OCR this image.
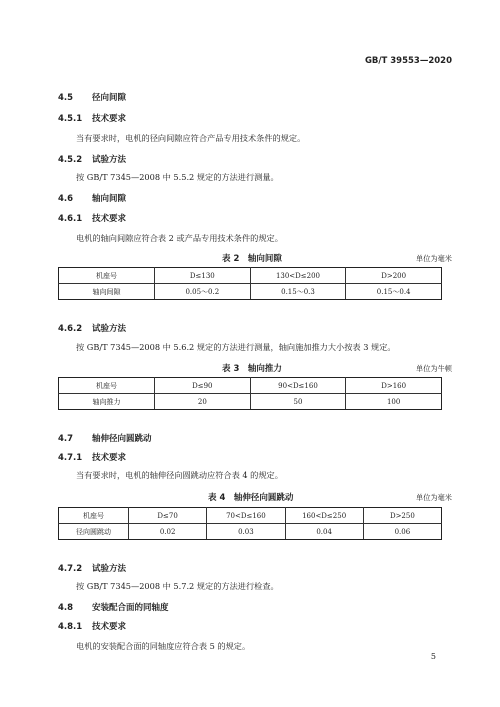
GB/T 39553—2020
4.5 径向间隙
4.5.1 技术要求
当有要求时，电机的径向间隙应符合产品专用技术条件的规定。
4.5.2 试验方法
按 GB/T 7345—2008 中 5.5.2 规定的方法进行测量。
4.6 轴向间隙
4.6.1 技术要求
电机的轴向间隙应符合表 2 或产品专用技术条件的规定。
表 2　轴向间隙	单位为毫米
机座号	D≤130	130<D≤200	D>200
轴向间隙	0.05～0.2	0.15～0.3	0.15～0.4
4.6.2 试验方法
按 GB/T 7345—2008 中 5.6.2 规定的方法进行测量，轴向施加推力大小按表 3 规定。
表 3　轴向推力	单位为牛顿
机座号	D≤90	90<D≤160	D>160
轴向推力	20	50	100
4.7 轴伸径向圆跳动
4.7.1 技术要求
当有要求时，电机的轴伸径向圆跳动应符合表 4 的规定。
表 4　轴伸径向圆跳动	单位为毫米
机座号	D≤70	70<D≤160	160<D≤250	D>250
径向圆跳动	0.02	0.03	0.04	0.06
4.7.2 试验方法
按 GB/T 7345—2008 中 5.7.2 规定的方法进行检查。
4.8 安装配合面的同轴度
4.8.1 技术要求
电机的安装配合面的同轴度应符合表 5 的规定。
5
